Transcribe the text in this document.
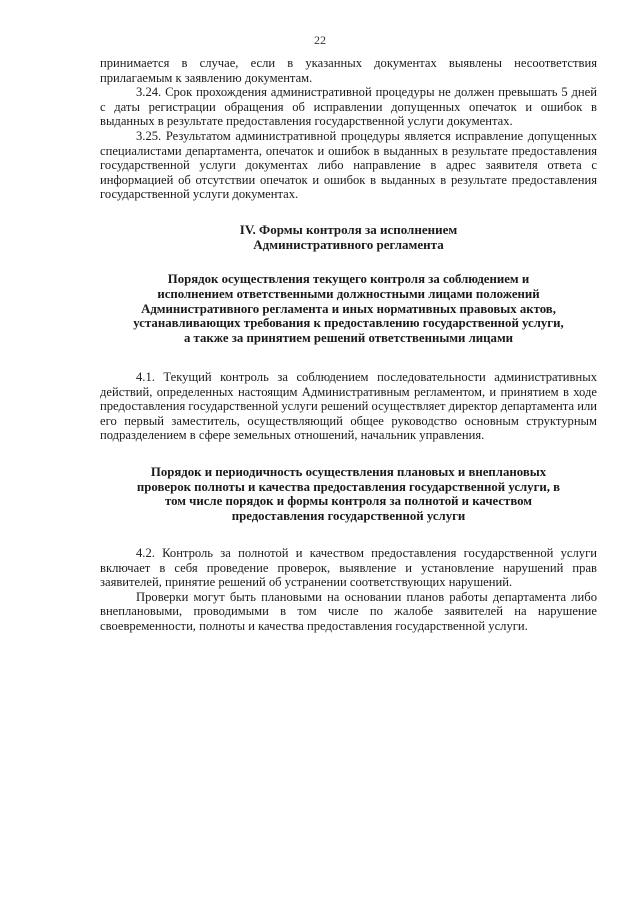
22

принимается в случае, если в указанных документах выявлены несоответствия прилагаемым к заявлению документам.

3.24. Срок прохождения административной процедуры не должен превышать 5 дней с даты регистрации обращения об исправлении допущенных опечаток и ошибок в выданных в результате предоставления государственной услуги документах.

3.25. Результатом административной процедуры является исправление допущенных специалистами департамента, опечаток и ошибок в выданных в результате предоставления государственной услуги документах либо направление в адрес заявителя ответа с информацией об отсутствии опечаток и ошибок в выданных в результате предоставления государственной услуги документах.

IV. Формы контроля за исполнением
Административного регламента
Порядок осуществления текущего контроля за соблюдением и
исполнением ответственными должностными лицами положений
Административного регламента и иных нормативных правовых актов,
устанавливающих требования к предоставлению государственной услуги,
а также за принятием решений ответственными лицами

4.1. Текущий контроль за соблюдением последовательности административных действий, определенных настоящим Административным регламентом, и принятием в ходе предоставления государственной услуги решений осуществляет директор департамента или его первый заместитель, осуществляющий общее руководство основным структурным подразделением в сфере земельных отношений, начальник управления.

Порядок и периодичность осуществления плановых и внеплановых
проверок полноты и качества предоставления государственной услуги, в
том числе порядок и формы контроля за полнотой и качеством
предоставления государственной услуги

4.2. Контроль за полнотой и качеством предоставления государственной услуги включает в себя проведение проверок, выявление и установление нарушений прав заявителей, принятие решений об устранении соответствующих нарушений.

Проверки могут быть плановыми на основании планов работы департамента либо внеплановыми, проводимыми в том числе по жалобе заявителей на нарушение своевременности, полноты и качества предоставления государственной услуги.
